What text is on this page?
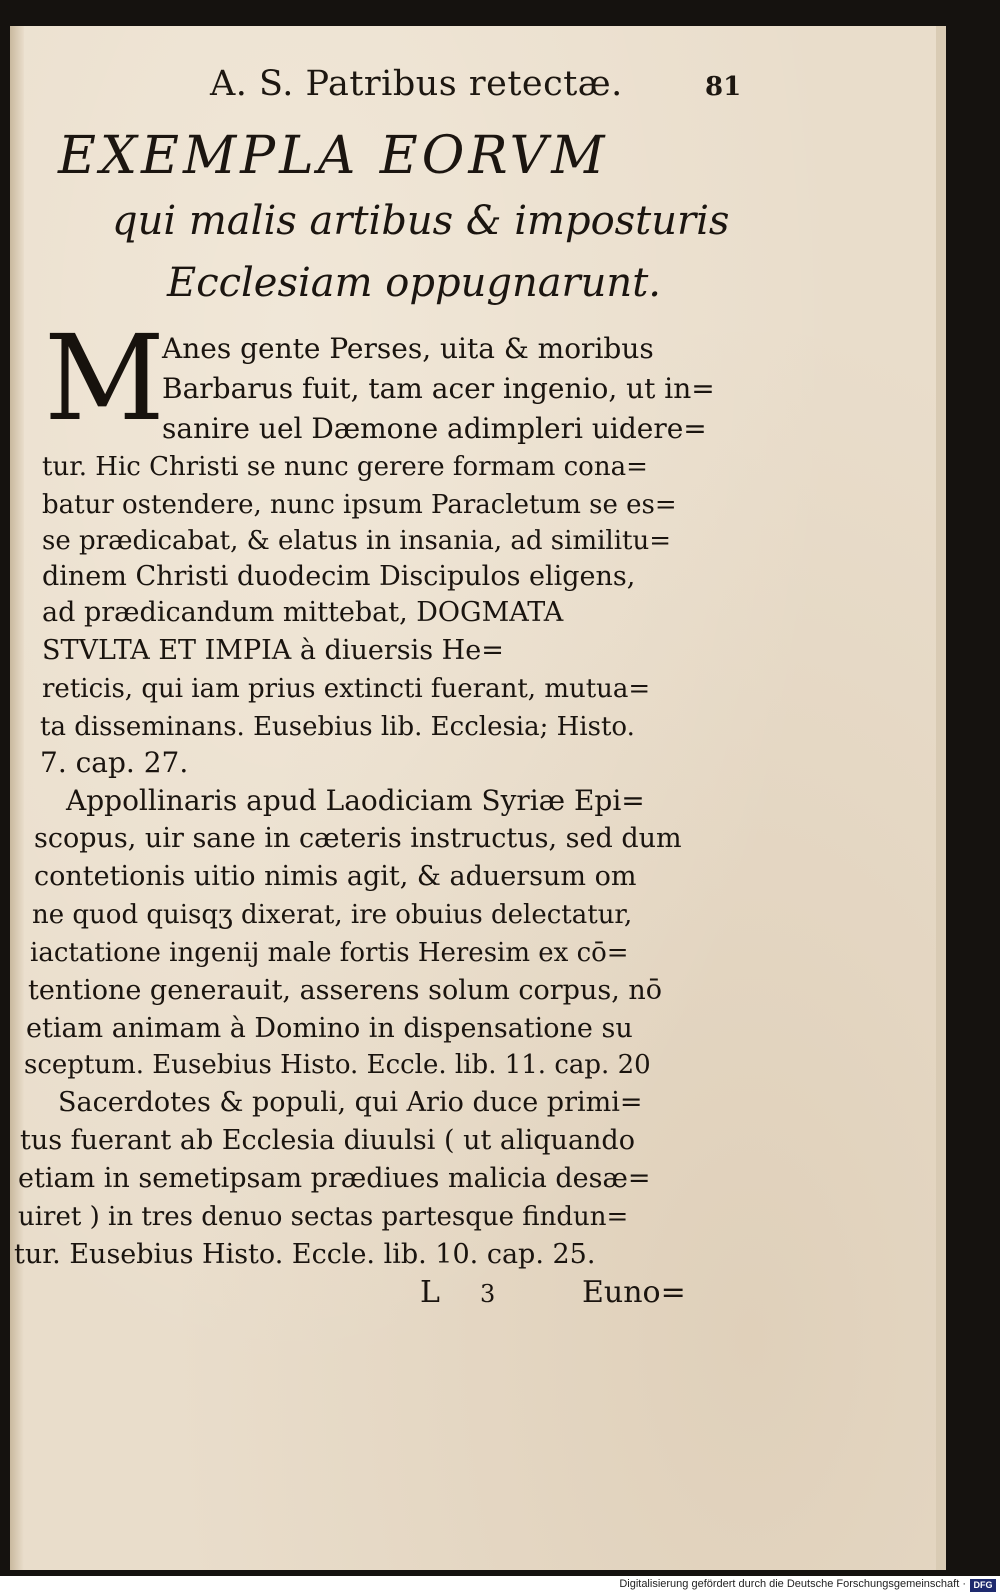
A. S. Patribus retectæ.	81
EXEMPLA EORVM
qui malis artibus & imposturis
Ecclesiam oppugnarunt.
M
Anes gente Perses, uita & moribus
Barbarus fuit, tam acer ingenio, ut in=
sanire uel Dæmone adimpleri uidere=
tur. Hic Christi se nunc gerere formam cona=
batur ostendere, nunc ipsum Paracletum se es=
se prædicabat, & elatus in insania, ad similitu=
dinem Christi duodecim Discipulos eligens,
ad prædicandum mittebat, DOGMATA
STVLTA ET IMPIA à diuersis He=
reticis, qui iam prius extincti fuerant, mutua=
ta disseminans. Eusebius lib. Ecclesia; Histo.
7. cap. 27.
Appollinaris apud Laodiciam Syriæ Epi=
scopus, uir sane in cæteris instructus, sed dum
contetionis uitio nimis agit, & aduersum om
ne quod quisqʒ dixerat, ire obuius delectatur,
iactatione ingenij male fortis Heresim ex cō=
tentione generauit, asserens solum corpus, nō
etiam animam à Domino in dispensatione su
sceptum. Eusebius Histo. Eccle. lib. 11. cap. 20
Sacerdotes & populi, qui Ario duce primi=
tus fuerant ab Ecclesia diuulsi ( ut aliquando
etiam in semetipsam prædiues malicia desæ=
uiret ) in tres denuo sectas partesque findun=
tur. Eusebius Histo. Eccle. lib. 10. cap. 25.
L 3	Euno=
Digitalisierung gefördert durch die Deutsche Forschungsgemeinschaft · DFG
